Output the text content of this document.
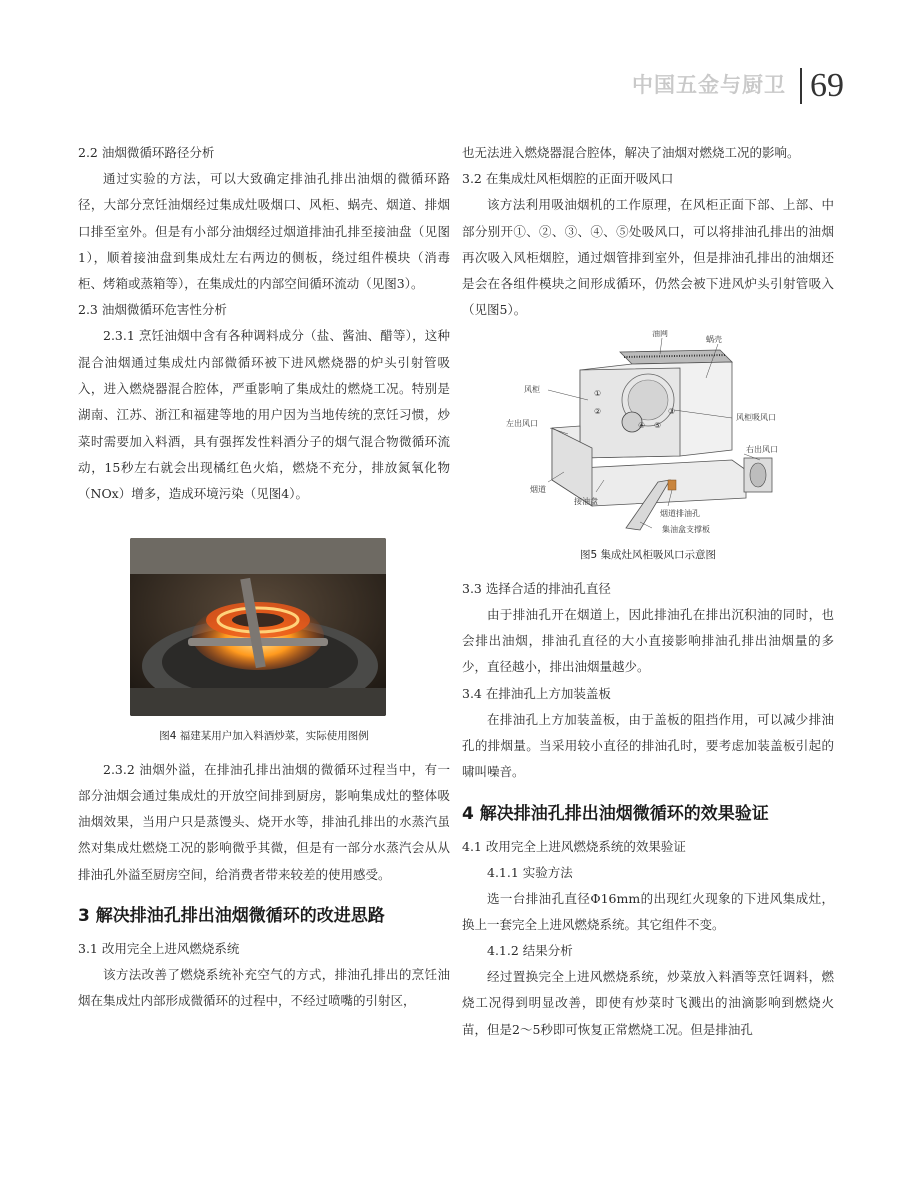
中国五金与厨卫 69

2.2 油烟微循环路径分析

通过实验的方法，可以大致确定排油孔排出油烟的微循环路径，大部分烹饪油烟经过集成灶吸烟口、风柜、蜗壳、烟道、排烟口排至室外。但是有小部分油烟经过烟道排油孔排至接油盘（见图1），顺着接油盘到集成灶左右两边的侧板，绕过组件模块（消毒柜、烤箱或蒸箱等），在集成灶的内部空间循环流动（见图3）。

2.3 油烟微循环危害性分析

2.3.1 烹饪油烟中含有各种调料成分（盐、酱油、醋等），这种混合油烟通过集成灶内部微循环被下进风燃烧器的炉头引射管吸入，进入燃烧器混合腔体，严重影响了集成灶的燃烧工况。特别是湖南、江苏、浙江和福建等地的用户因为当地传统的烹饪习惯，炒菜时需要加入料酒，具有强挥发性料酒分子的烟气混合物微循环流动，15秒左右就会出现橘红色火焰，燃烧不充分，排放氮氧化物（NOx）增多，造成环境污染（见图4）。

图4 福建某用户加入料酒炒菜，实际使用图例

2.3.2 油烟外溢，在排油孔排出油烟的微循环过程当中，有一部分油烟会通过集成灶的开放空间排到厨房，影响集成灶的整体吸油烟效果，当用户只是蒸馒头、烧开水等，排油孔排出的水蒸汽虽然对集成灶燃烧工况的影响微乎其微，但是有一部分水蒸汽会从从排油孔外溢至厨房空间，给消费者带来较差的使用感受。

3 解决排油孔排出油烟微循环的改进思路

3.1 改用完全上进风燃烧系统

该方法改善了燃烧系统补充空气的方式，排油孔排出的烹饪油烟在集成灶内部形成微循环的过程中，不经过喷嘴的引射区，

也无法进入燃烧器混合腔体，解决了油烟对燃烧工况的影响。

3.2 在集成灶风柜烟腔的正面开吸风口

该方法利用吸油烟机的工作原理，在风柜正面下部、上部、中部分别开①、②、③、④、⑤处吸风口，可以将排油孔排出的油烟再次吸入风柜烟腔，通过烟管排到室外，但是排油孔排出的油烟还是会在各组件模块之间形成循环，仍然会被下进风炉头引射管吸入（见图5）。

①
②	③
④ ⑤
油网
蜗壳
风柜
风柜吸风口
左出风口
右出风口
烟道
接油盘
烟道排油孔
集油盒支撑板
图5 集成灶风柜吸风口示意图

3.3 选择合适的排油孔直径

由于排油孔开在烟道上，因此排油孔在排出沉积油的同时，也会排出油烟，排油孔直径的大小直接影响排油孔排出油烟量的多少，直径越小，排出油烟量越少。

3.4 在排油孔上方加装盖板

在排油孔上方加装盖板，由于盖板的阻挡作用，可以减少排油孔的排烟量。当采用较小直径的排油孔时，要考虑加装盖板引起的啸叫噪音。

4 解决排油孔排出油烟微循环的效果验证

4.1 改用完全上进风燃烧系统的效果验证

4.1.1 实验方法

选一台排油孔直径Φ16mm的出现红火现象的下进风集成灶，换上一套完全上进风燃烧系统。其它组件不变。

4.1.2 结果分析

经过置换完全上进风燃烧系统，炒菜放入料酒等烹饪调料，燃烧工况得到明显改善，即使有炒菜时飞溅出的油滴影响到燃烧火苗，但是2～5秒即可恢复正常燃烧工况。但是排油孔
